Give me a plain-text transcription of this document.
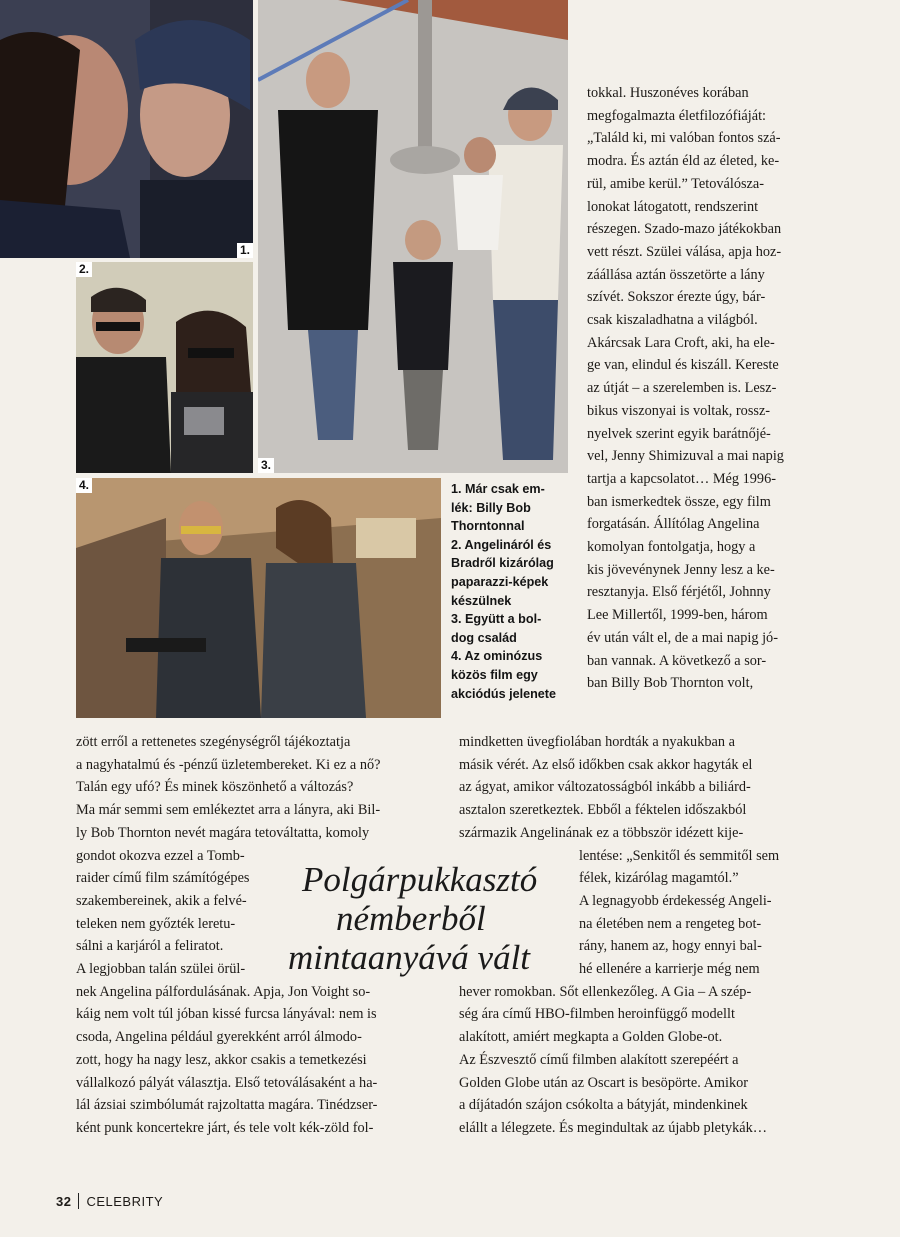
1.
3.
2.
4.	1. Már csak em-
lék: Billy Bob
Thorntonnal
2. Angelináról és
Bradről kizárólag
paparazzi-képek
készülnek
3. Együtt a bol-
dog család
4. Az ominózus
közös film egy
akciódús jelenete

tokkal. Huszonéves korában

megfogalmazta életfilozófiáját:

„Találd ki, mi valóban fontos szá-

modra. És aztán éld az életed, ke-

rül, amibe kerül.” Tetoválósza-

lonokat látogatott, rendszerint

részegen. Szado-mazo játékokban

vett részt. Szülei válása, apja hoz-

záállása aztán összetörte a lány

szívét. Sokszor érezte úgy, bár-

csak kiszaladhatna a világból.

Akárcsak Lara Croft, aki, ha ele-

ge van, elindul és kiszáll. Kereste

az útját – a szerelemben is. Lesz-

bikus viszonyai is voltak, rossz-

nyelvek szerint egyik barátnőjé-

vel, Jenny Shimizuval a mai napig

tartja a kapcsolatot… Még 1996-

ban ismerkedtek össze, egy film

forgatásán. Állítólag Angelina

komolyan fontolgatja, hogy a

kis jövevénynek Jenny lesz a ke-

resztanyja. Első férjétől, Johnny

Lee Millertől, 1999-ben, három

év után vált el, de a mai napig jó-

ban vannak. A következő a sor-

ban Billy Bob Thornton volt,

zött erről a rettenetes szegénységről tájékoztatja

a nagyhatalmú és -pénzű üzletembereket. Ki ez a nő?

Talán egy ufó? És minek köszönhető a változás?

Ma már semmi sem emlékeztet arra a lányra, aki Bil-

ly Bob Thornton nevét magára tetováltatta, komoly

gondot okozva ezzel a Tomb-

raider című film számítógépes

szakembereinek, akik a felvé-

teleken nem győzték leretu-

sálni a karjáról a feliratot.

A legjobban talán szülei örül-

nek Angelina pálfordulásának. Apja, Jon Voight so-

káig nem volt túl jóban kissé furcsa lányával: nem is

csoda, Angelina például gyerekként arról álmodo-

zott, hogy ha nagy lesz, akkor csakis a temetkezési

vállalkozó pályát választja. Első tetoválásaként a ha-

lál ázsiai szimbólumát rajzoltatta magára. Tinédzser-

ként punk koncertekre járt, és tele volt kék-zöld fol-

mindketten üvegfiolában hordták a nyakukban a

másik vérét. Az első időkben csak akkor hagyták el

az ágyat, amikor változatosságból inkább a biliárd-

asztalon szeretkeztek. Ebből a féktelen időszakból

származik Angelinának ez a többször idézett kije-

lentése: „Senkitől és semmitől sem

félek, kizárólag magamtól.”

A legnagyobb érdekesség Angeli-

na életében nem a rengeteg bot-

rány, hanem az, hogy ennyi bal-

hé ellenére a karrierje még nem

hever romokban. Sőt ellenkezőleg. A Gia – A szép-

ség ára című HBO-filmben heroinfüggő modellt

alakított, amiért megkapta a Golden Globe-ot.

Az Észvesztő című filmben alakított szerepéért a

Golden Globe után az Oscart is besöpörte. Amikor

a díjátadón szájon csókolta a bátyját, mindenkinek

elállt a lélegzete. És megindultak az újabb pletykák…

Polgárpukkasztó
némberből
mintaanyává vált
32 CELEBRITY
